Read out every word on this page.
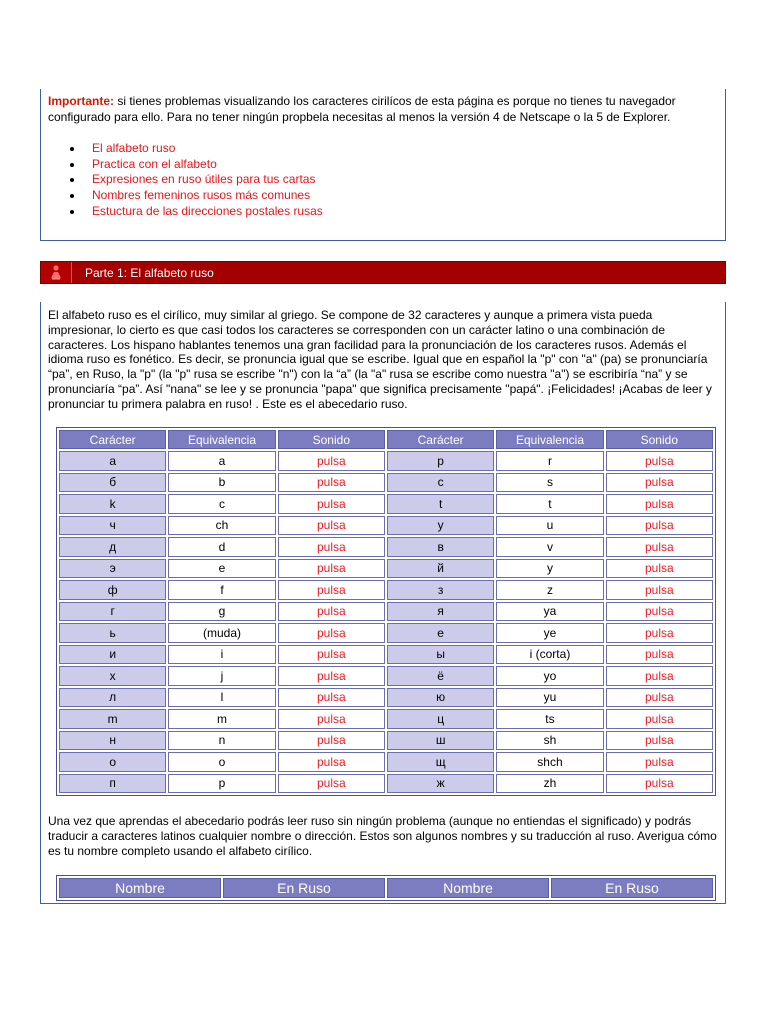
Importante: si tienes problemas visualizando los caracteres cirilícos de esta página es porque no tienes tu navegador configurado para ello. Para no tener ningún propbela necesitas al menos la versión 4 de Netscape o la 5 de Explorer.
El alfabeto ruso
Practica con el alfabeto
Expresiones en ruso útiles para tus cartas
Nombres femeninos rusos más comunes
Estuctura de las direcciones postales rusas
Parte 1: El alfabeto ruso
El alfabeto ruso es el cirílico, muy similar al griego. Se compone de 32 caracteres y aunque a primera vista pueda impresionar, lo cierto es que casi todos los caracteres se corresponden con un carácter latino o una combinación de caracteres. Los hispano hablantes tenemos una gran facilidad para la pronunciación de los caracteres rusos. Además el idioma ruso es fonético. Es decir, se pronuncia igual que se escribe. Igual que en español la "p" con "a" (pa) se pronunciaría “pa”, en Ruso, la "p" (la "p" rusa se escribe "n") con la “a” (la "a" rusa se escribe como nuestra "a") se escribiría “na” y se pronunciaría “pa”. Así "nana" se lee y se pronuncia "papa" que significa precisamente "papá". ¡Felicidades! ¡Acabas de leer y pronunciar tu primera palabra en ruso! . Este es el abecedario ruso.
Carácter	Equivalencia	Sonido	Carácter	Equivalencia	Sonido
а	a	pulsa	р	r	pulsa
б	b	pulsa	с	s	pulsa
k	c	pulsa	t	t	pulsa
ч	ch	pulsa	у	u	pulsa
д	d	pulsa	в	v	pulsa
э	e	pulsa	й	y	pulsa
ф	f	pulsa	з	z	pulsa
г	g	pulsa	я	ya	pulsa
ь	(muda)	pulsa	е	ye	pulsa
и	i	pulsa	ы	i (corta)	pulsa
х	j	pulsa	ё	yo	pulsa
л	l	pulsa	ю	yu	pulsa
m	m	pulsa	ц	ts	pulsa
н	n	pulsa	ш	sh	pulsa
о	o	pulsa	щ	shch	pulsa
п	p	pulsa	ж	zh	pulsa
Una vez que aprendas el abecedario podrás leer ruso sin ningún problema (aunque no entiendas el significado) y podrás traducir a caracteres latinos cualquier nombre o dirección. Estos son algunos nombres y su traducción al ruso. Averigua cómo es tu nombre completo usando el alfabeto cirílico.
Nombre	En Ruso	Nombre	En Ruso
